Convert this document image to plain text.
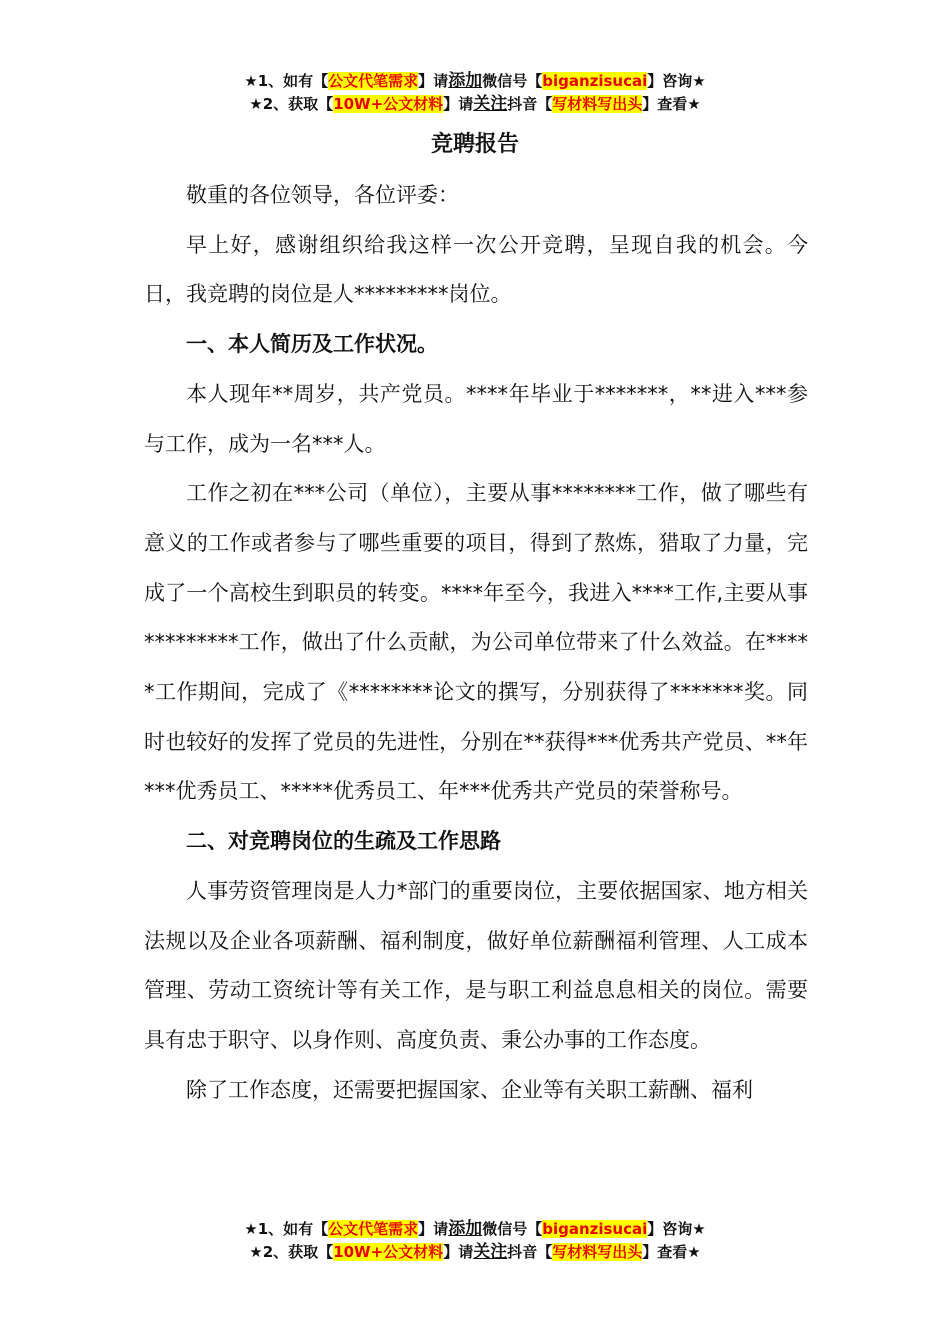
★1、如有【公文代笔需求】请添加微信号【biganzisucai】咨询★
★2、获取【10W+公文材料】请关注抖音【写材料写出头】查看★
竞聘报告

敬重的各位领导，各位评委：

早上好，感谢组织给我这样一次公开竞聘，呈现自我的机会。今日，我竞聘的岗位是人*********岗位。

一、本人简历及工作状况。

本人现年**周岁，共产党员。****年毕业于*******，**进入***参与工作，成为一名***人。

工作之初在***公司（单位），主要从事********工作，做了哪些有意义的工作或者参与了哪些重要的项目，得到了熬炼，猎取了力量，完成了一个高校生到职员的转变。****年至今，我进入****工作,主要从事*********工作，做出了什么贡献，为公司单位带来了什么效益。在*****工作期间，完成了《********论文的撰写，分别获得了*******奖。同时也较好的发挥了党员的先进性，分别在**获得***优秀共产党员、**年***优秀员工、*****优秀员工、年***优秀共产党员的荣誉称号。

二、对竞聘岗位的生疏及工作思路

人事劳资管理岗是人力*部门的重要岗位，主要依据国家、地方相关法规以及企业各项薪酬、福利制度，做好单位薪酬福利管理、人工成本管理、劳动工资统计等有关工作，是与职工利益息息相关的岗位。需要具有忠于职守、以身作则、高度负责、秉公办事的工作态度。

除了工作态度，还需要把握国家、企业等有关职工薪酬、福利

★1、如有【公文代笔需求】请添加微信号【biganzisucai】咨询★
★2、获取【10W+公文材料】请关注抖音【写材料写出头】查看★
